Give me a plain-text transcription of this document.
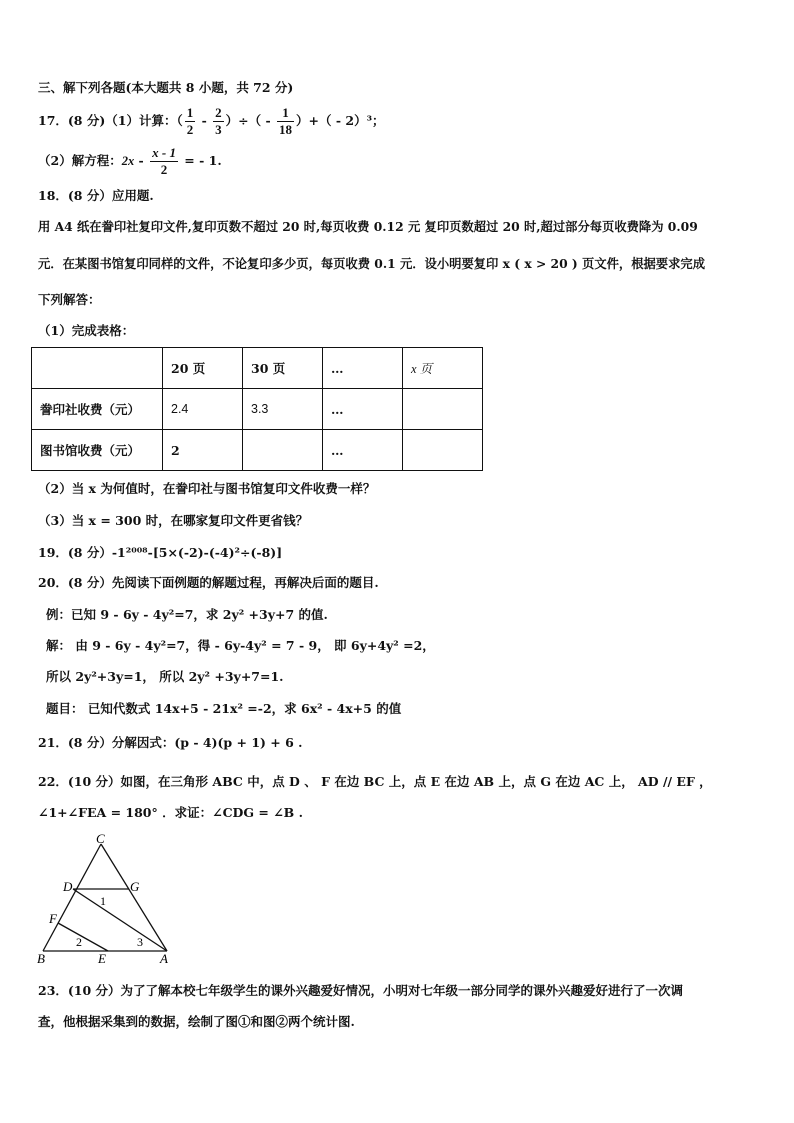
三、解下列各题(本大题共 8 小题，共 72 分)
17．(8 分)（1）计算：（ $\frac{1}{2} - \frac{2}{3}$ ）÷（ - $\frac{1}{18}$ ）+（ - 2）³；
（2）解方程：$2x - \frac{x - 1}{2}$ = - 1.
18．(8 分）应用题.
用 A4 纸在誊印社复印文件,复印页数不超过 20 时,每页收费 0.12 元 复印页数超过 20 时,超过部分每页收费降为 0.09
元．在某图书馆复印同样的文件，不论复印多少页，每页收费 0.1 元．设小明要复印 x ( x > 20 ) 页文件，根据要求完成
下列解答：
（1）完成表格：
	20 页	30 页	…	x 页
誊印社收费（元）	2.4	3.3	…	
图书馆收费（元）	2		…	
（2）当 x 为何值时，在誊印社与图书馆复印文件收费一样？
（3）当 x = 300 时，在哪家复印文件更省钱？
19．(8 分）-1²⁰⁰⁸-[5×(-2)-(-4)²÷(-8)]
20．(8 分）先阅读下面例题的解题过程，再解决后面的题目.
例：已知 9 - 6y - 4y²=7，求 2y² +3y+7 的值.
解： 由 9 - 6y - 4y²=7，得 - 6y-4y² = 7 - 9， 即 6y+4y² =2，
所以 2y²+3y=1， 所以 2y² +3y+7=1.
题目： 已知代数式 14x+5 - 21x² =-2，求 6x² - 4x+5 的值
21．(8 分）分解因式：(p - 4)(p + 1) + 6 .
22．(10 分）如图，在三角形 ABC 中，点 D 、 F 在边 BC 上，点 E 在边 AB 上，点 G 在边 AC 上， AD // EF ，
∠1+∠FEA = 180° ．求证：∠CDG = ∠B .
C
D	G
F
B	E	A
1
2	3
23．(10 分）为了了解本校七年级学生的课外兴趣爱好情况，小明对七年级一部分同学的课外兴趣爱好进行了一次调
查，他根据采集到的数据，绘制了图①和图②两个统计图.
